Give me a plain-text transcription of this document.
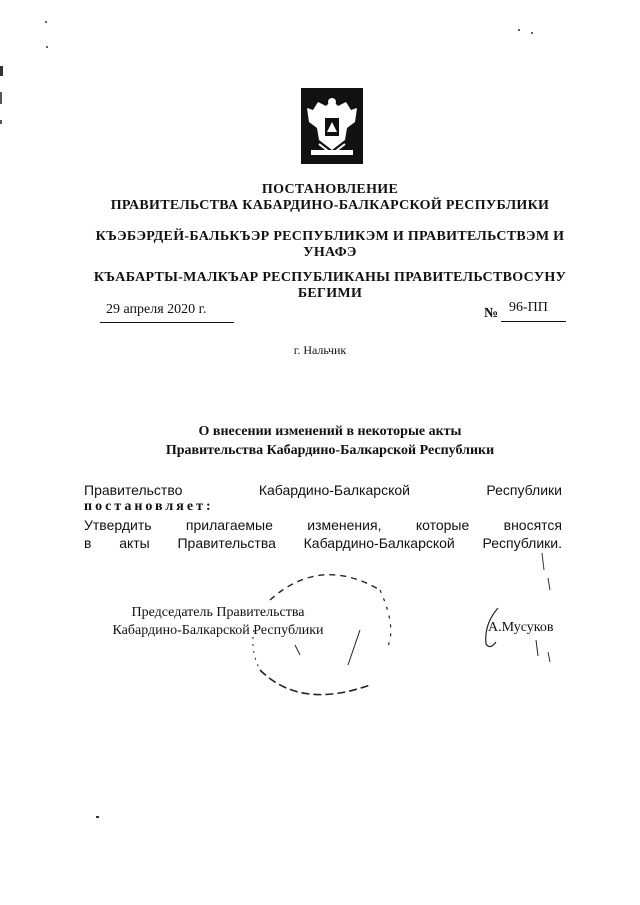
ПОСТАНОВЛЕНИЕ
ПРАВИТЕЛЬСТВА КАБАРДИНО-БАЛКАРСКОЙ РЕСПУБЛИКИ
КЪЭБЭРДЕЙ-БАЛЬКЪЭР РЕСПУБЛИКЭМ И ПРАВИТЕЛЬСТВЭМ И
УНАФЭ
КЪАБАРТЫ-МАЛКЪАР РЕСПУБЛИКАНЫ ПРАВИТЕЛЬСТВОСУНУ
БЕГИМИ
29 апреля 2020 г.	№ 96-ПП
г. Нальчик
О внесении изменений в некоторые акты
Правительства Кабардино-Балкарской Республики
Правительство	Кабардино-Балкарской	Республики
постановляет:
Утвердить прилагаемые изменения, которые вносятся
в акты Правительства Кабардино-Балкарской Республики.
Председатель Правительства
Кабардино-Балкарской Республики	А.Мусуков
